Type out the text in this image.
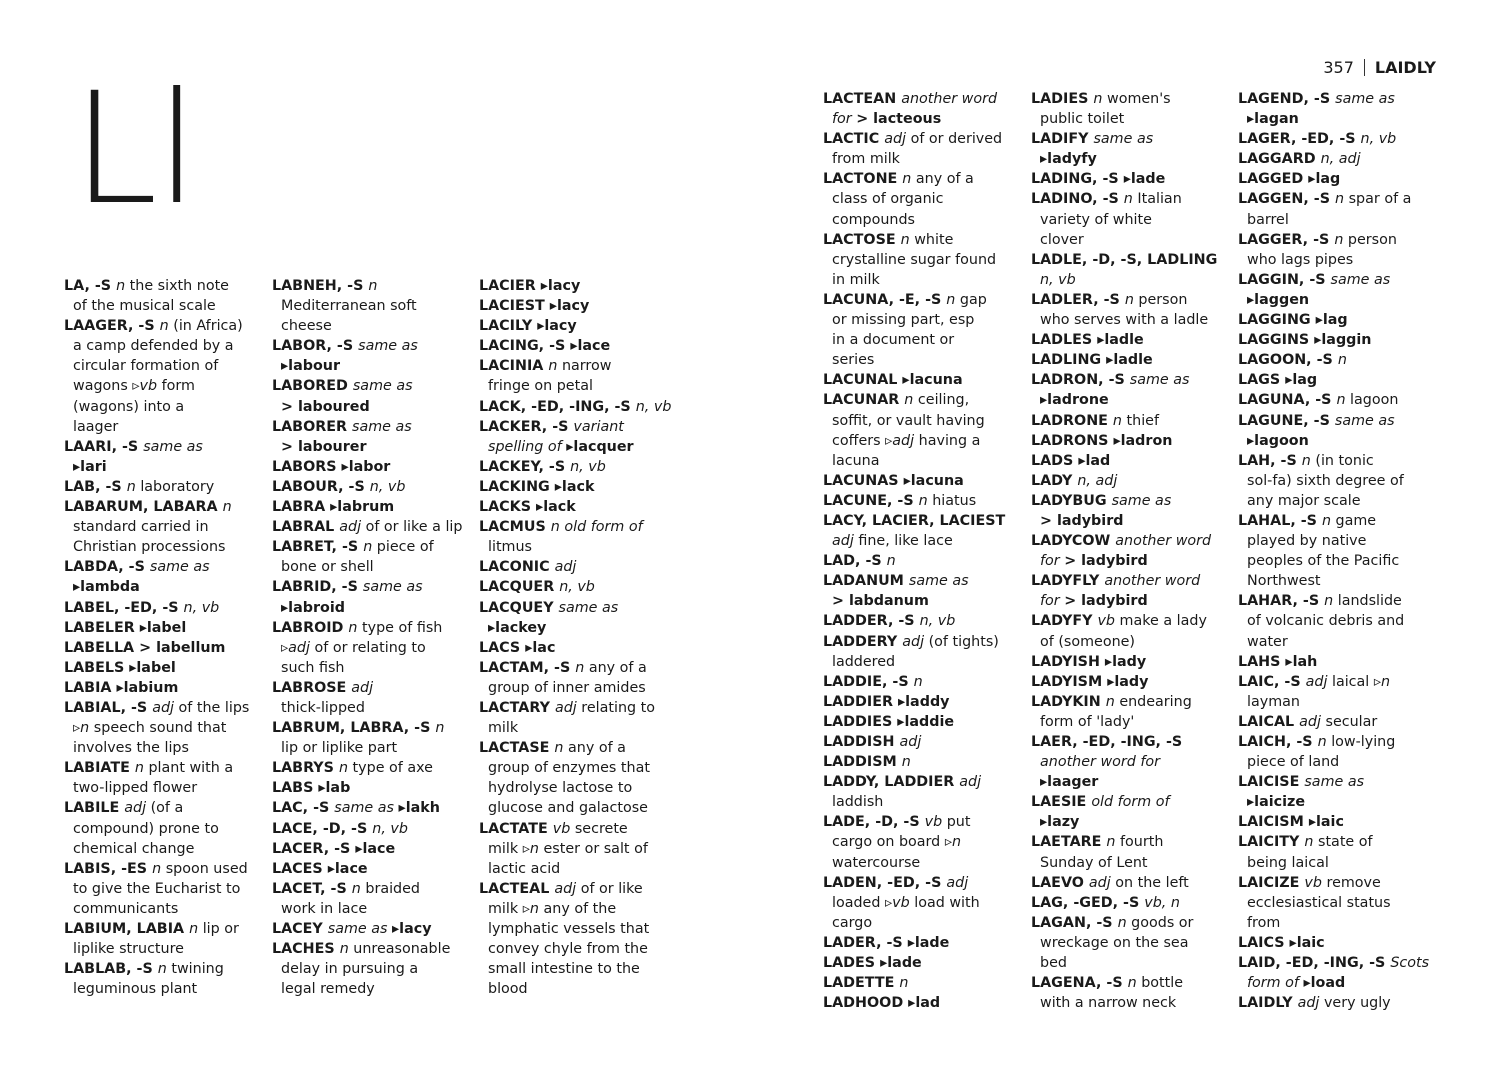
357 LAIDLY
Ll
LA, -S n the sixth note
of the musical scale
LAAGER, -S n (in Africa)
a camp defended by a
circular formation of
wagons ▹vb form
(wagons) into a
laager
LAARI, -S same as
▸lari
LAB, -S n laboratory
LABARUM, LABARA n
standard carried in
Christian processions
LABDA, -S same as
▸lambda
LABEL, -ED, -S n, vb
LABELER ▸label
LABELLA > labellum
LABELS ▸label
LABIA ▸labium
LABIAL, -S adj of the lips
▹n speech sound that
involves the lips
LABIATE n plant with a
two-lipped flower
LABILE adj (of a
compound) prone to
chemical change
LABIS, -ES n spoon used
to give the Eucharist to
communicants
LABIUM, LABIA n lip or
liplike structure
LABLAB, -S n twining
leguminous plant
LABNEH, -S n
Mediterranean soft
cheese
LABOR, -S same as
▸labour
LABORED same as
> laboured
LABORER same as
> labourer
LABORS ▸labor
LABOUR, -S n, vb
LABRA ▸labrum
LABRAL adj of or like a lip
LABRET, -S n piece of
bone or shell
LABRID, -S same as
▸labroid
LABROID n type of fish
▹adj of or relating to
such fish
LABROSE adj
thick-lipped
LABRUM, LABRA, -S n
lip or liplike part
LABRYS n type of axe
LABS ▸lab
LAC, -S same as ▸lakh
LACE, -D, -S n, vb
LACER, -S ▸lace
LACES ▸lace
LACET, -S n braided
work in lace
LACEY same as ▸lacy
LACHES n unreasonable
delay in pursuing a
legal remedy
LACIER ▸lacy
LACIEST ▸lacy
LACILY ▸lacy
LACING, -S ▸lace
LACINIA n narrow
fringe on petal
LACK, -ED, -ING, -S n, vb
LACKER, -S variant
spelling of ▸lacquer
LACKEY, -S n, vb
LACKING ▸lack
LACKS ▸lack
LACMUS n old form of
litmus
LACONIC adj
LACQUER n, vb
LACQUEY same as
▸lackey
LACS ▸lac
LACTAM, -S n any of a
group of inner amides
LACTARY adj relating to
milk
LACTASE n any of a
group of enzymes that
hydrolyse lactose to
glucose and galactose
LACTATE vb secrete
milk ▹n ester or salt of
lactic acid
LACTEAL adj of or like
milk ▹n any of the
lymphatic vessels that
convey chyle from the
small intestine to the
blood
LACTEAN another word
for > lacteous
LACTIC adj of or derived
from milk
LACTONE n any of a
class of organic
compounds
LACTOSE n white
crystalline sugar found
in milk
LACUNA, -E, -S n gap
or missing part, esp
in a document or
series
LACUNAL ▸lacuna
LACUNAR n ceiling,
soffit, or vault having
coffers ▹adj having a
lacuna
LACUNAS ▸lacuna
LACUNE, -S n hiatus
LACY, LACIER, LACIEST
adj fine, like lace
LAD, -S n
LADANUM same as
> labdanum
LADDER, -S n, vb
LADDERY adj (of tights)
laddered
LADDIE, -S n
LADDIER ▸laddy
LADDIES ▸laddie
LADDISH adj
LADDISM n
LADDY, LADDIER adj
laddish
LADE, -D, -S vb put
cargo on board ▹n
watercourse
LADEN, -ED, -S adj
loaded ▹vb load with
cargo
LADER, -S ▸lade
LADES ▸lade
LADETTE n
LADHOOD ▸lad
LADIES n women's
public toilet
LADIFY same as
▸ladyfy
LADING, -S ▸lade
LADINO, -S n Italian
variety of white
clover
LADLE, -D, -S, LADLING
n, vb
LADLER, -S n person
who serves with a ladle
LADLES ▸ladle
LADLING ▸ladle
LADRON, -S same as
▸ladrone
LADRONE n thief
LADRONS ▸ladron
LADS ▸lad
LADY n, adj
LADYBUG same as
> ladybird
LADYCOW another word
for > ladybird
LADYFLY another word
for > ladybird
LADYFY vb make a lady
of (someone)
LADYISH ▸lady
LADYISM ▸lady
LADYKIN n endearing
form of 'lady'
LAER, -ED, -ING, -S
another word for
▸laager
LAESIE old form of
▸lazy
LAETARE n fourth
Sunday of Lent
LAEVO adj on the left
LAG, -GED, -S vb, n
LAGAN, -S n goods or
wreckage on the sea
bed
LAGENA, -S n bottle
with a narrow neck
LAGEND, -S same as
▸lagan
LAGER, -ED, -S n, vb
LAGGARD n, adj
LAGGED ▸lag
LAGGEN, -S n spar of a
barrel
LAGGER, -S n person
who lags pipes
LAGGIN, -S same as
▸laggen
LAGGING ▸lag
LAGGINS ▸laggin
LAGOON, -S n
LAGS ▸lag
LAGUNA, -S n lagoon
LAGUNE, -S same as
▸lagoon
LAH, -S n (in tonic
sol-fa) sixth degree of
any major scale
LAHAL, -S n game
played by native
peoples of the Pacific
Northwest
LAHAR, -S n landslide
of volcanic debris and
water
LAHS ▸lah
LAIC, -S adj laical ▹n
layman
LAICAL adj secular
LAICH, -S n low-lying
piece of land
LAICISE same as
▸laicize
LAICISM ▸laic
LAICITY n state of
being laical
LAICIZE vb remove
ecclesiastical status
from
LAICS ▸laic
LAID, -ED, -ING, -S Scots
form of ▸load
LAIDLY adj very ugly
